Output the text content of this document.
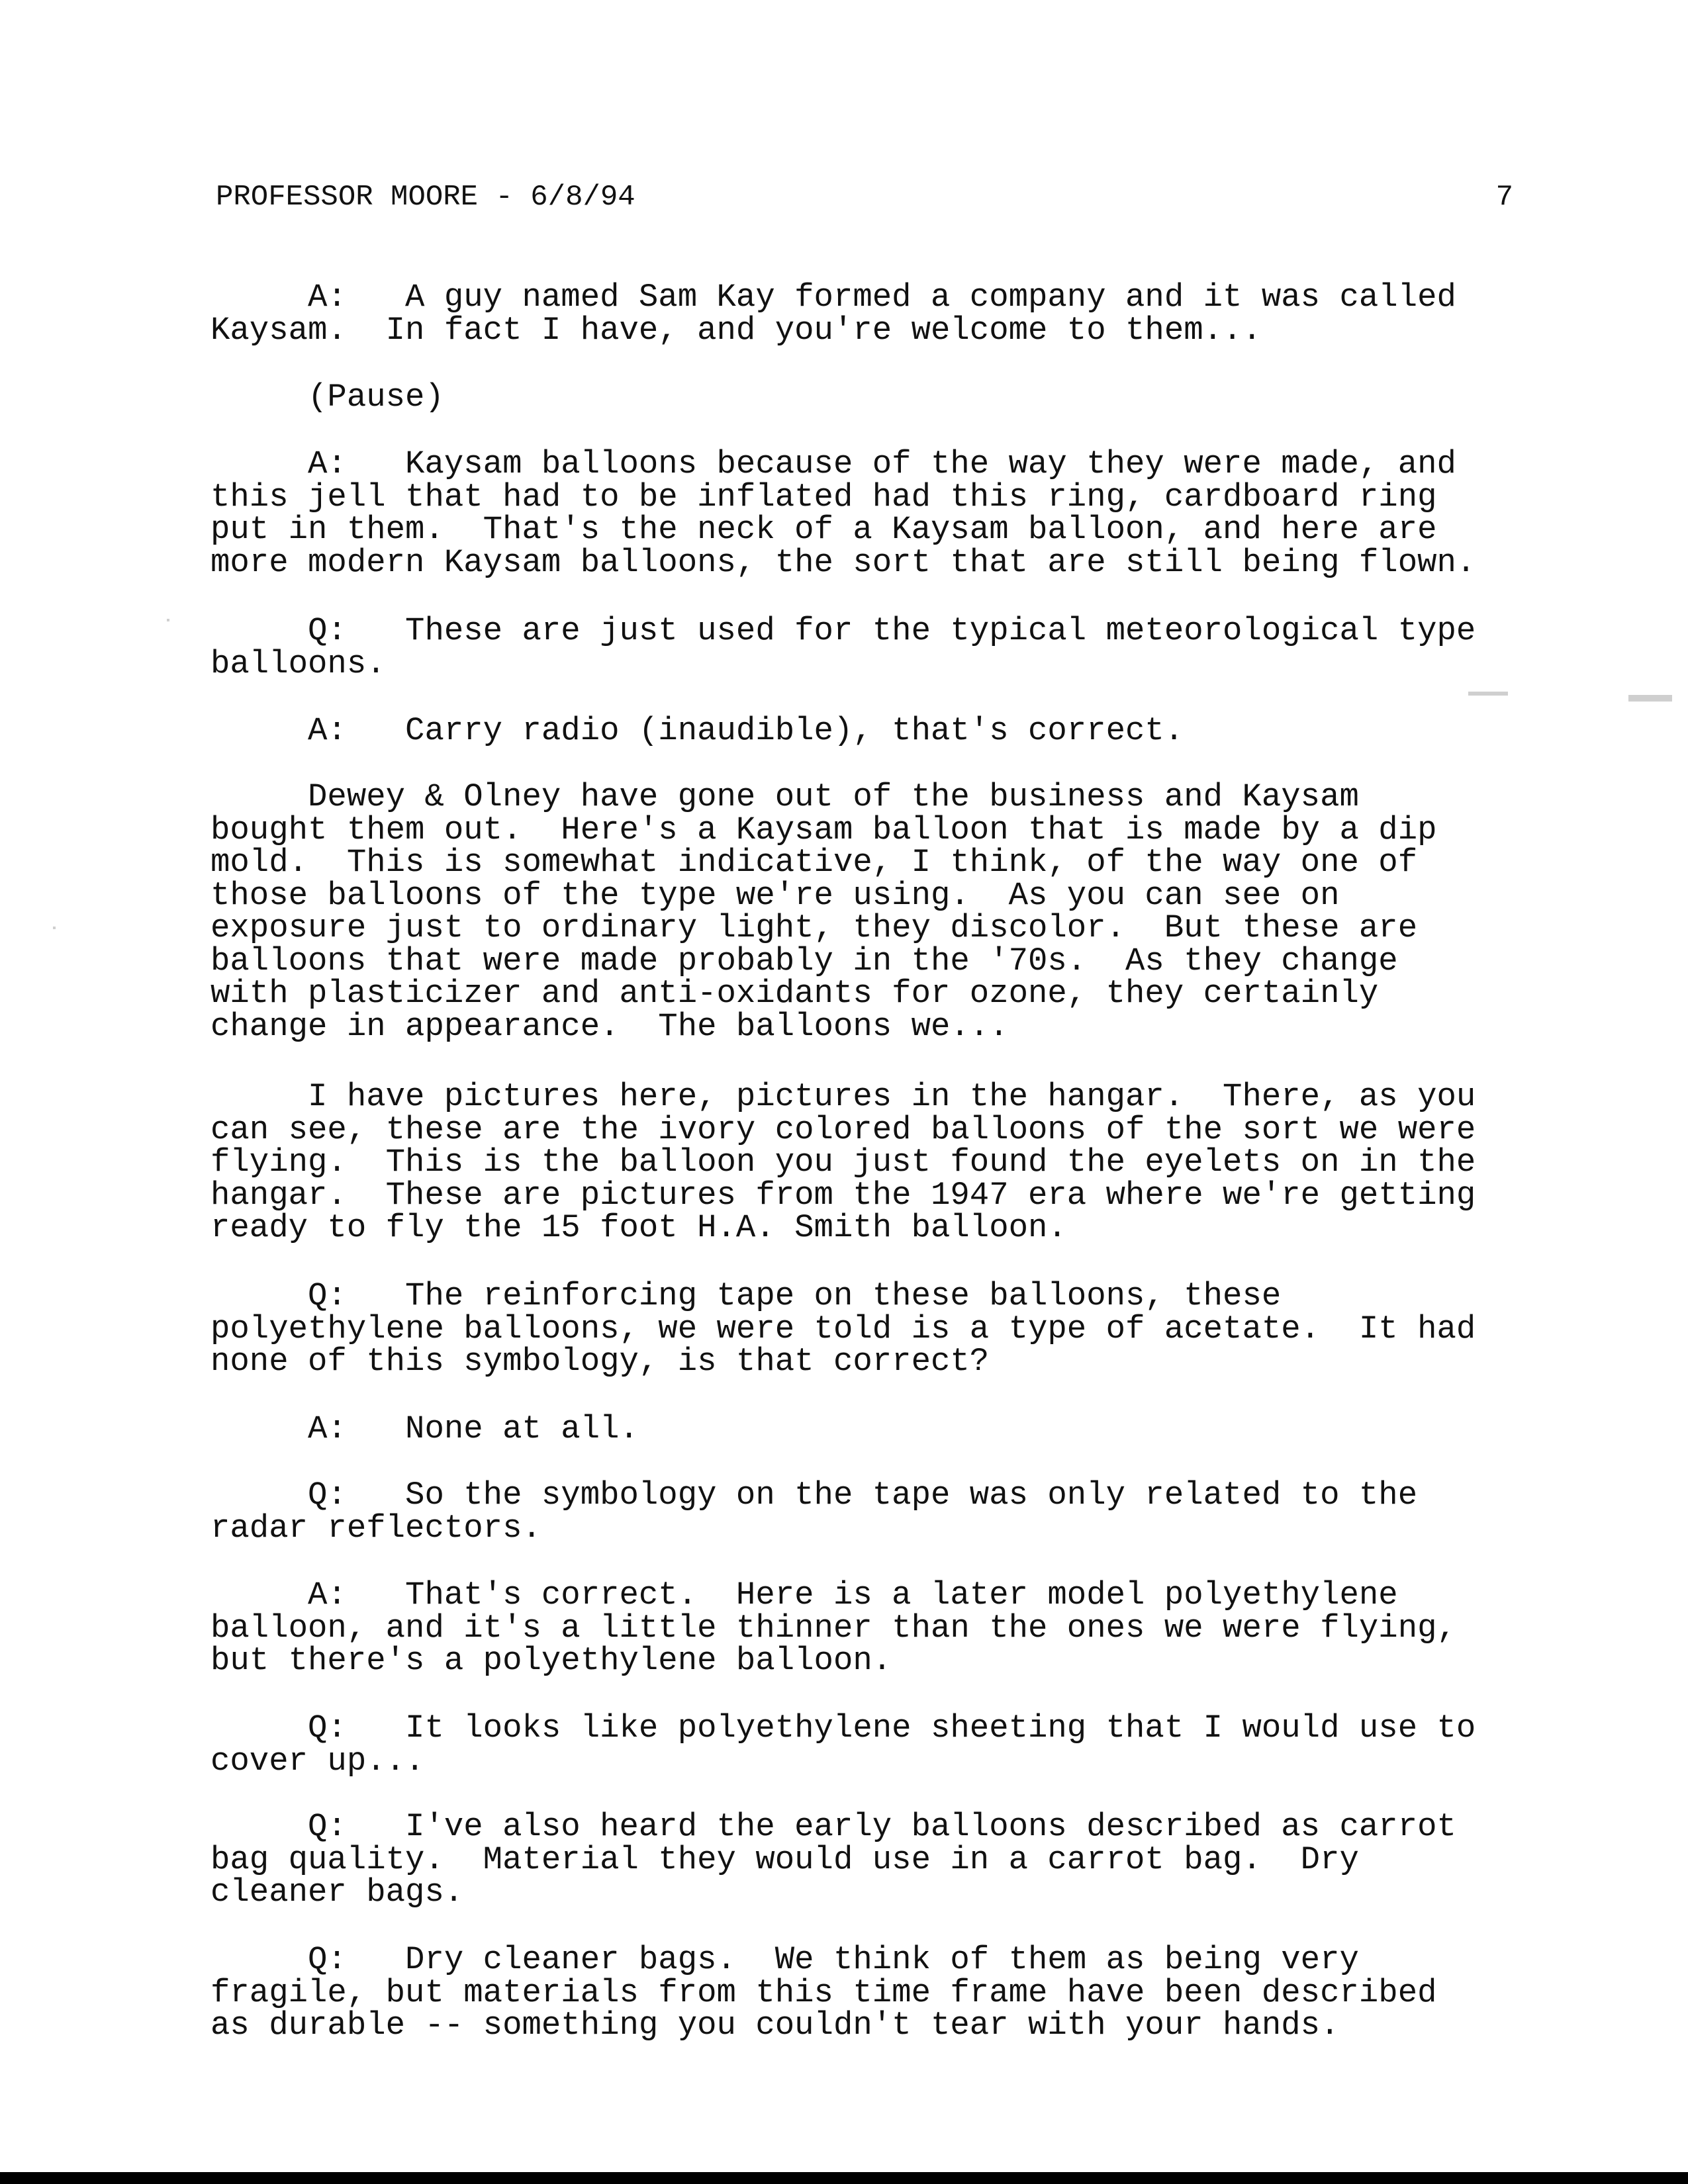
PROFESSOR MOORE - 6/8/94	7

A:   A guy named Sam Kay formed a company and it was called
Kaysam.  In fact I have, and you're welcome to them...

(Pause)

A:   Kaysam balloons because of the way they were made, and
this jell that had to be inflated had this ring, cardboard ring
put in them.  That's the neck of a Kaysam balloon, and here are
more modern Kaysam balloons, the sort that are still being flown.

Q:   These are just used for the typical meteorological type
balloons.

A:   Carry radio (inaudible), that's correct.

Dewey & Olney have gone out of the business and Kaysam
bought them out.  Here's a Kaysam balloon that is made by a dip
mold.  This is somewhat indicative, I think, of the way one of
those balloons of the type we're using.  As you can see on
exposure just to ordinary light, they discolor.  But these are
balloons that were made probably in the '70s.  As they change
with plasticizer and anti-oxidants for ozone, they certainly
change in appearance.  The balloons we...

I have pictures here, pictures in the hangar.  There, as you
can see, these are the ivory colored balloons of the sort we were
flying.  This is the balloon you just found the eyelets on in the
hangar.  These are pictures from the 1947 era where we're getting
ready to fly the 15 foot H.A. Smith balloon.

Q:   The reinforcing tape on these balloons, these
polyethylene balloons, we were told is a type of acetate.  It had
none of this symbology, is that correct?

A:   None at all.

Q:   So the symbology on the tape was only related to the
radar reflectors.

A:   That's correct.  Here is a later model polyethylene
balloon, and it's a little thinner than the ones we were flying,
but there's a polyethylene balloon.

Q:   It looks like polyethylene sheeting that I would use to
cover up...

Q:   I've also heard the early balloons described as carrot
bag quality.  Material they would use in a carrot bag.  Dry
cleaner bags.

Q:   Dry cleaner bags.  We think of them as being very
fragile, but materials from this time frame have been described
as durable -- something you couldn't tear with your hands.
